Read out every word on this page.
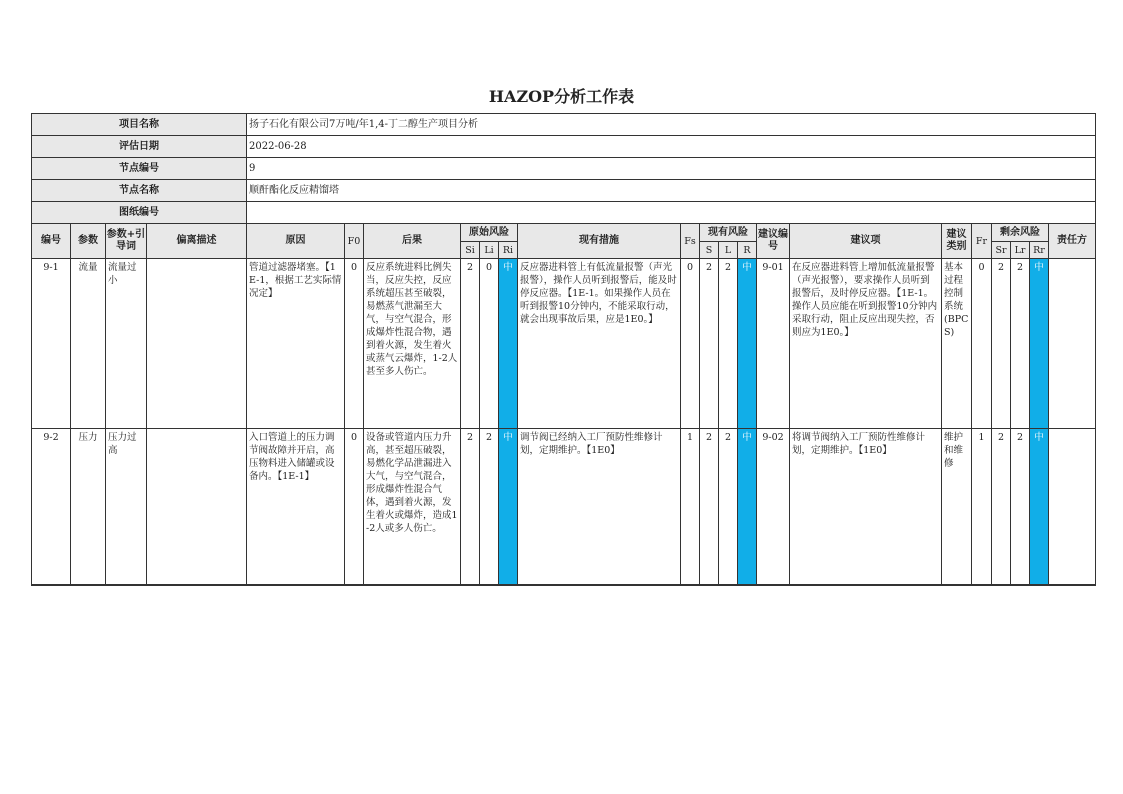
HAZOP分析工作表
项目名称				扬子石化有限公司7万吨/年1,4-丁二醇生产项目分析																		
评估日期				2022-06-28																		
节点编号				9																		
节点名称				顺酐酯化反应精馏塔																		
图纸编号																						
编号	参数	参数+引导词	偏离描述	原因	F0	后果	原始风险			现有措施	Fs	现有风险			建议编号	建议项	建议类别	Fr	剩余风险			责任方
							Si	Li	Ri			S	L	R					Sr	Lr	Rr	
9-1	流量	流量过小		管道过滤器堵塞。【1E-1，根据工艺实际情况定】	0	反应系统进料比例失当，反应失控，反应系统超压甚至破裂，易燃蒸气泄漏至大气，与空气混合，形成爆炸性混合物，遇到着火源，发生着火或蒸气云爆炸，1-2人甚至多人伤亡。	2	0	中	反应器进料管上有低流量报警（声光报警），操作人员听到报警后，能及时停反应器。【1E-1。如果操作人员在听到报警10分钟内，不能采取行动，就会出现事故后果，应是1E0。】	0	2	2	中	9-01	在反应器进料管上增加低流量报警（声光报警），要求操作人员听到报警后，及时停反应器。【1E-1。操作人员应能在听到报警10分钟内采取行动，阻止反应出现失控，否则应为1E0。】	基本过程控制系统(BPCS)	0	2	2	中	
9-2	压力	压力过高		入口管道上的压力调节阀故障并开启，高压物料进入储罐或设备内。【1E-1】	0	设备或管道内压力升高，甚至超压破裂，易燃化学品泄漏进入大气，与空气混合，形成爆炸性混合气体，遇到着火源，发生着火或爆炸，造成1-2人或多人伤亡。	2	2	中	调节阀已经纳入工厂预防性维修计划，定期维护。【1E0】	1	2	2	中	9-02	将调节阀纳入工厂预防性维修计划，定期维护。【1E0】	维护和维修	1	2	2	中	
